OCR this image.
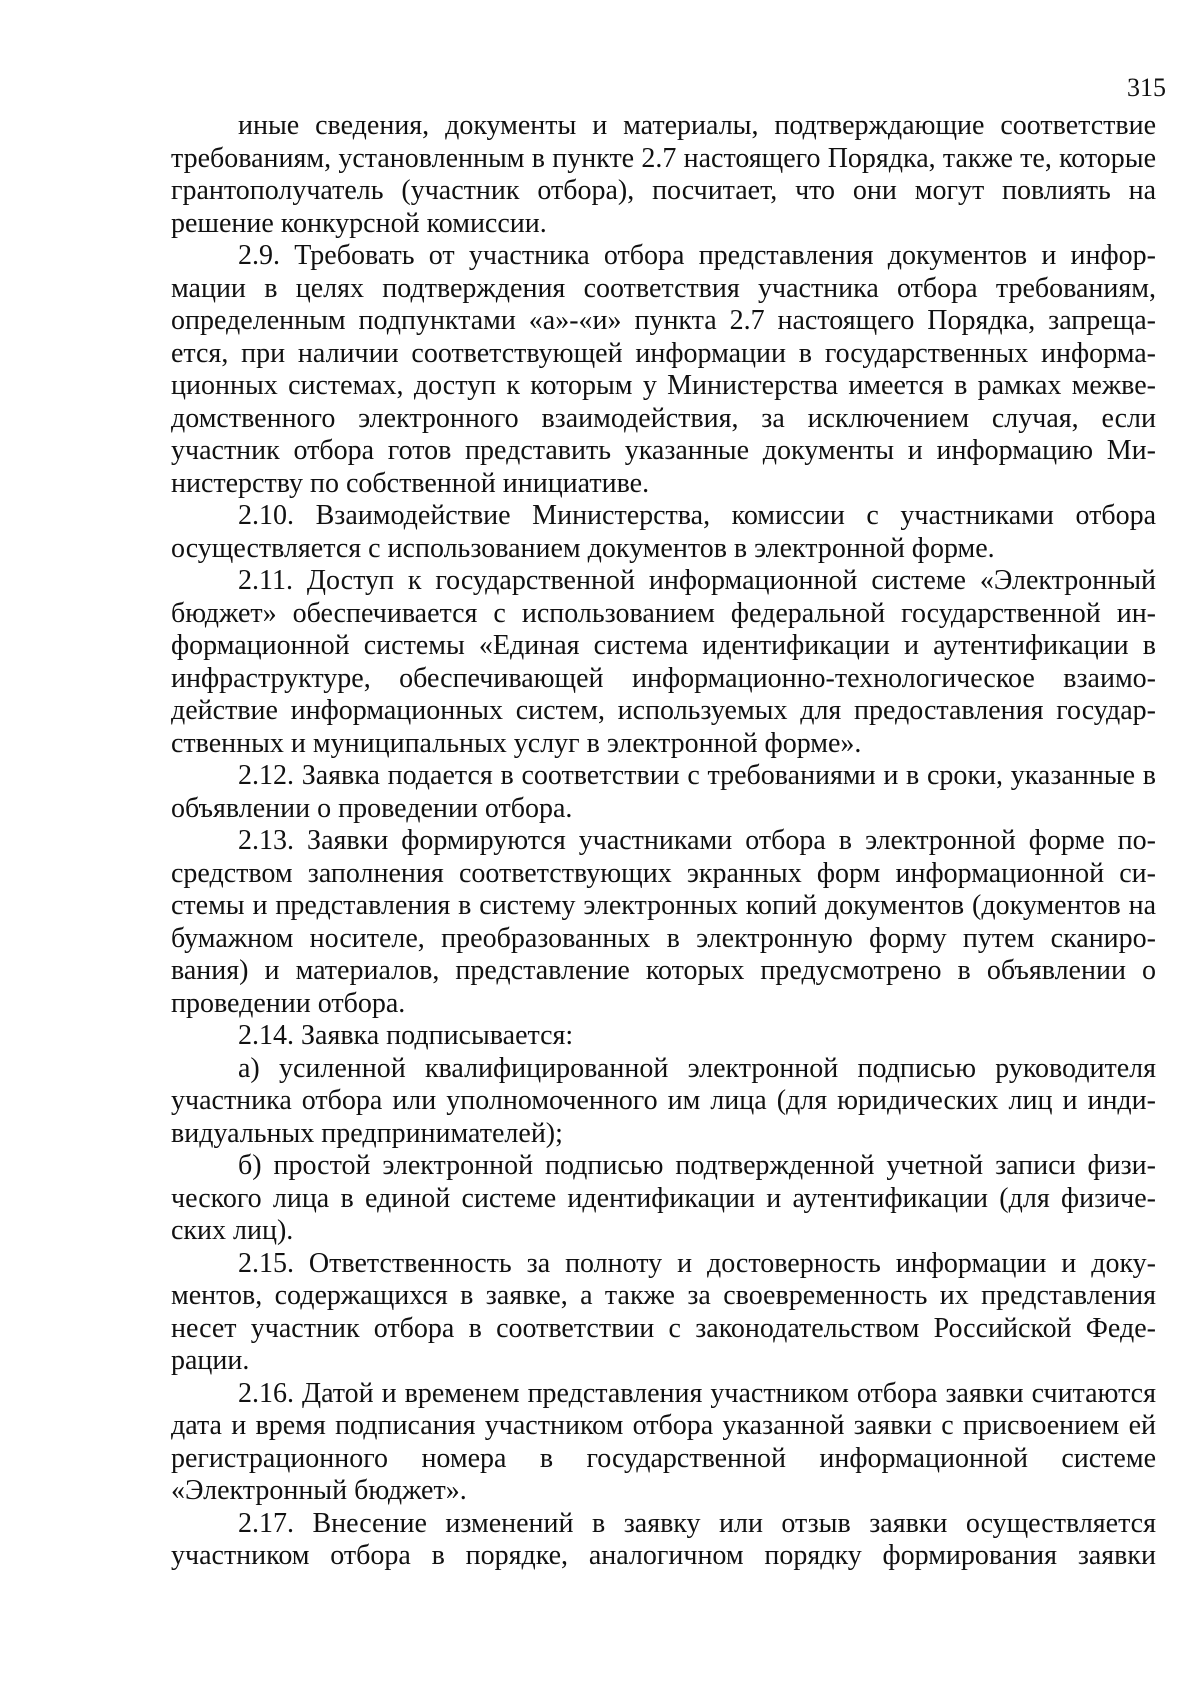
315

иные сведения, документы и материалы, подтверждающие соответствие требованиям, установленным в пункте 2.7 настоящего Порядка, также те, которые грантополучатель (участник отбора), посчитает, что они могут повлиять на решение конкурсной комиссии.

2.9. Требовать от участника отбора представления документов и информации в целях подтверждения соответствия участника отбора требованиям, определенным подпунктами «а»-«и» пункта 2.7 настоящего Порядка, запрещается, при наличии соответствующей информации в государственных информационных системах, доступ к которым у Министерства имеется в рамках межведомственного электронного взаимодействия, за исключением случая, если участник отбора готов представить указанные документы и информацию Министерству по собственной инициативе.

2.10. Взаимодействие Министерства, комиссии с участниками отбора осуществляется с использованием документов в электронной форме.

2.11. Доступ к государственной информационной системе «Электронный бюджет» обеспечивается с использованием федеральной государственной информационной системы «Единая система идентификации и аутентификации в инфраструктуре, обеспечивающей информационно-технологическое взаимодействие информационных систем, используемых для предоставления государственных и муниципальных услуг в электронной форме».

2.12. Заявка подается в соответствии с требованиями и в сроки, указанные в объявлении о проведении отбора.

2.13. Заявки формируются участниками отбора в электронной форме посредством заполнения соответствующих экранных форм информационной системы и представления в систему электронных копий документов (документов на бумажном носителе, преобразованных в электронную форму путем сканирования) и материалов, представление которых предусмотрено в объявлении о проведении отбора.

2.14. Заявка подписывается:

а) усиленной квалифицированной электронной подписью руководителя участника отбора или уполномоченного им лица (для юридических лиц и индивидуальных предпринимателей);

б) простой электронной подписью подтвержденной учетной записи физического лица в единой системе идентификации и аутентификации (для физических лиц).

2.15. Ответственность за полноту и достоверность информации и документов, содержащихся в заявке, а также за своевременность их представления несет участник отбора в соответствии с законодательством Российской Федерации.

2.16. Датой и временем представления участником отбора заявки считаются дата и время подписания участником отбора указанной заявки с присвоением ей регистрационного номера в государственной информационной системе «Электронный бюджет».

2.17. Внесение изменений в заявку или отзыв заявки осуществляется участником отбора в порядке, аналогичном порядку формирования заявки
